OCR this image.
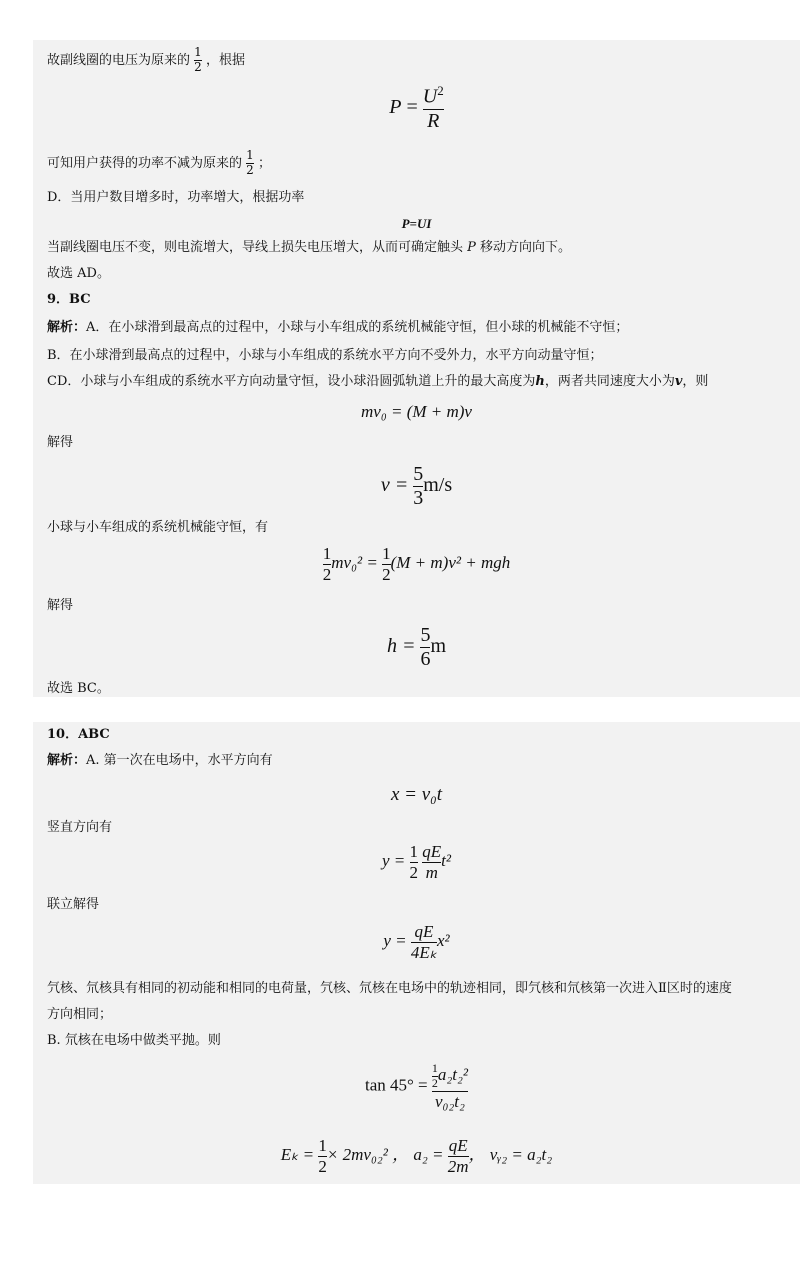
故副线圈的电压为原来的 $\frac{1}{2}$ ，根据
$P = \frac{U^2}{R}$
可知用户获得的功率不减为原来的 $\frac{1}{2}$ ；
D．当用户数目增多时，功率增大，根据功率
P=UI
当副线圈电压不变，则电流增大，导线上损失电压增大，从而可确定触头 P 移动方向向下。
故选 AD。
9．BC
解析：A．在小球滑到最高点的过程中，小球与小车组成的系统机械能守恒，但小球的机械能不守恒；
B．在小球滑到最高点的过程中，小球与小车组成的系统水平方向不受外力，水平方向动量守恒；
CD．小球与小车组成的系统水平方向动量守恒，设小球沿圆弧轨道上升的最大高度为h，两者共同速度大小为v，则
mv₀ = (M + m)v
解得
$v = \frac{5}{3} m/s$
小球与小车组成的系统机械能守恒，有
$\frac{1}{2} mv_0^2 = \frac{1}{2} (M + m)v^2$ + mgh
解得
$h = \frac{5}{6}$ m
故选 BC。
10．ABC
解析：A. 第一次在电场中，水平方向有
x = v₀t
竖直方向有
$y = \frac{1}{2}$
$\frac{qE}{m} t^2$
联立解得
$y = \frac{qE}{\text{4Eₖ}} x^2$
氕核、氘核具有相同的初动能和相同的电荷量，氕核、氘核在电场中的轨迹相同，即氕核和氘核第一次进入Ⅱ区时的速度
方向相同；
B. 氘核在电场中做类平抛。则
$\tan 45^\circ = \frac{\frac{1}{2} a_2t_2^2}{\text{v₀₂t₂}}$
$E_k = \frac{1}{2} \times 2mv_{02}^2$ ， $a_2 = \frac{qE}{2m}$ ， vᵧ₂ = a₂t₂
